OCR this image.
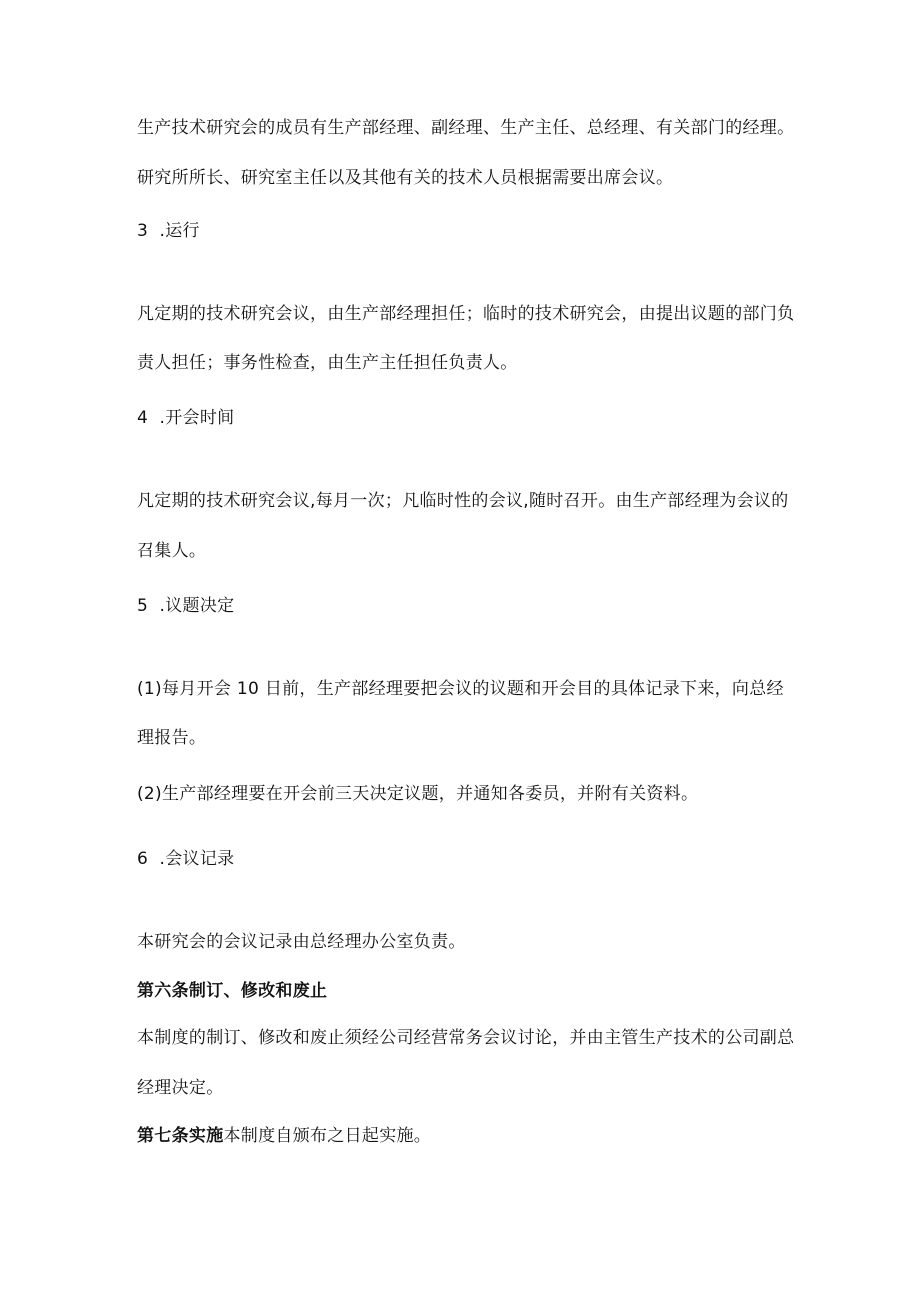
生产技术研究会的成员有生产部经理、副经理、生产主任、总经理、有关部门的经理。
研究所所长、研究室主任以及其他有关的技术人员根据需要出席会议。
3  .运行
凡定期的技术研究会议，由生产部经理担任；临时的技术研究会，由提出议题的部门负
责人担任；事务性检查，由生产主任担任负责人。
4  .开会时间
凡定期的技术研究会议,每月一次；凡临时性的会议,随时召开。由生产部经理为会议的
召集人。
5  .议题决定
(1)每月开会 10 日前，生产部经理要把会议的议题和开会目的具体记录下来，向总经
理报告。
(2)生产部经理要在开会前三天决定议题，并通知各委员，并附有关资料。
6  .会议记录
本研究会的会议记录由总经理办公室负责。
第六条制订、修改和废止
本制度的制订、修改和废止须经公司经营常务会议讨论，并由主管生产技术的公司副总
经理决定。
第七条实施本制度自颁布之日起实施。
